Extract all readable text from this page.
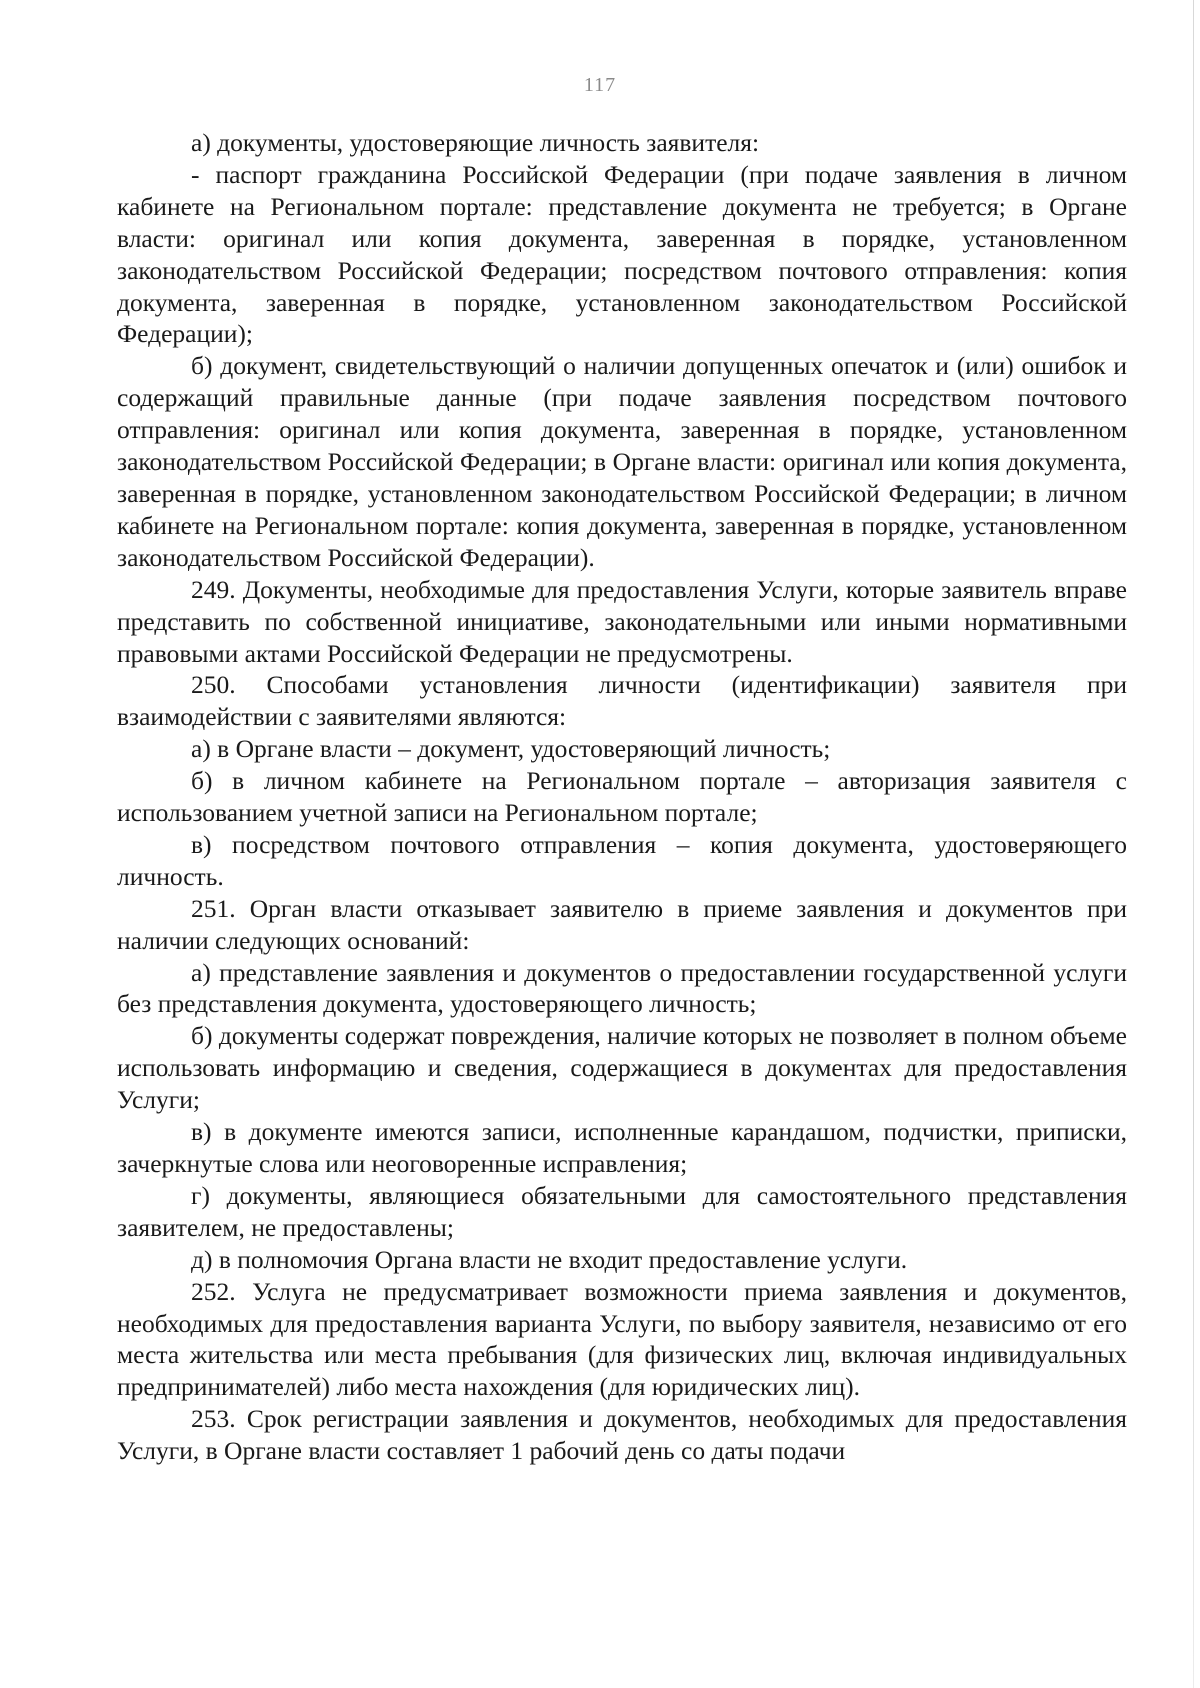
117

а) документы, удостоверяющие личность заявителя:

- паспорт гражданина Российской Федерации (при подаче заявления в личном кабинете на Региональном портале: представление документа не требуется; в Органе власти: оригинал или копия документа, заверенная в порядке, установленном законодательством Российской Федерации; посредством почтового отправления: копия документа, заверенная в порядке, установленном законодательством Российской Федерации);

б) документ, свидетельствующий о наличии допущенных опечаток и (или) ошибок и содержащий правильные данные (при подаче заявления посредством почтового отправления: оригинал или копия документа, заверенная в порядке, установленном законодательством Российской Федерации; в Органе власти: оригинал или копия документа, заверенная в порядке, установленном законодательством Российской Федерации; в личном кабинете на Региональном портале: копия документа, заверенная в порядке, установленном законодательством Российской Федерации).

249. Документы, необходимые для предоставления Услуги, которые заявитель вправе представить по собственной инициативе, законодательными или иными нормативными правовыми актами Российской Федерации не предусмотрены.

250. Способами установления личности (идентификации) заявителя при взаимодействии с заявителями являются:

а) в Органе власти – документ, удостоверяющий личность;

б) в личном кабинете на Региональном портале – авторизация заявителя с использованием учетной записи на Региональном портале;

в) посредством почтового отправления – копия документа, удостоверяющего личность.

251. Орган власти отказывает заявителю в приеме заявления и документов при наличии следующих оснований:

а) представление заявления и документов о предоставлении государственной услуги без представления документа, удостоверяющего личность;

б) документы содержат повреждения, наличие которых не позволяет в полном объеме использовать информацию и сведения, содержащиеся в документах для предоставления Услуги;

в) в документе имеются записи, исполненные карандашом, подчистки, приписки, зачеркнутые слова или неоговоренные исправления;

г) документы, являющиеся обязательными для самостоятельного представления заявителем, не предоставлены;

д) в полномочия Органа власти не входит предоставление услуги.

252. Услуга не предусматривает возможности приема заявления и документов, необходимых для предоставления варианта Услуги, по выбору заявителя, независимо от его места жительства или места пребывания (для физических лиц, включая индивидуальных предпринимателей) либо места нахождения (для юридических лиц).

253. Срок регистрации заявления и документов, необходимых для предоставления Услуги, в Органе власти составляет 1 рабочий день со даты подачи
